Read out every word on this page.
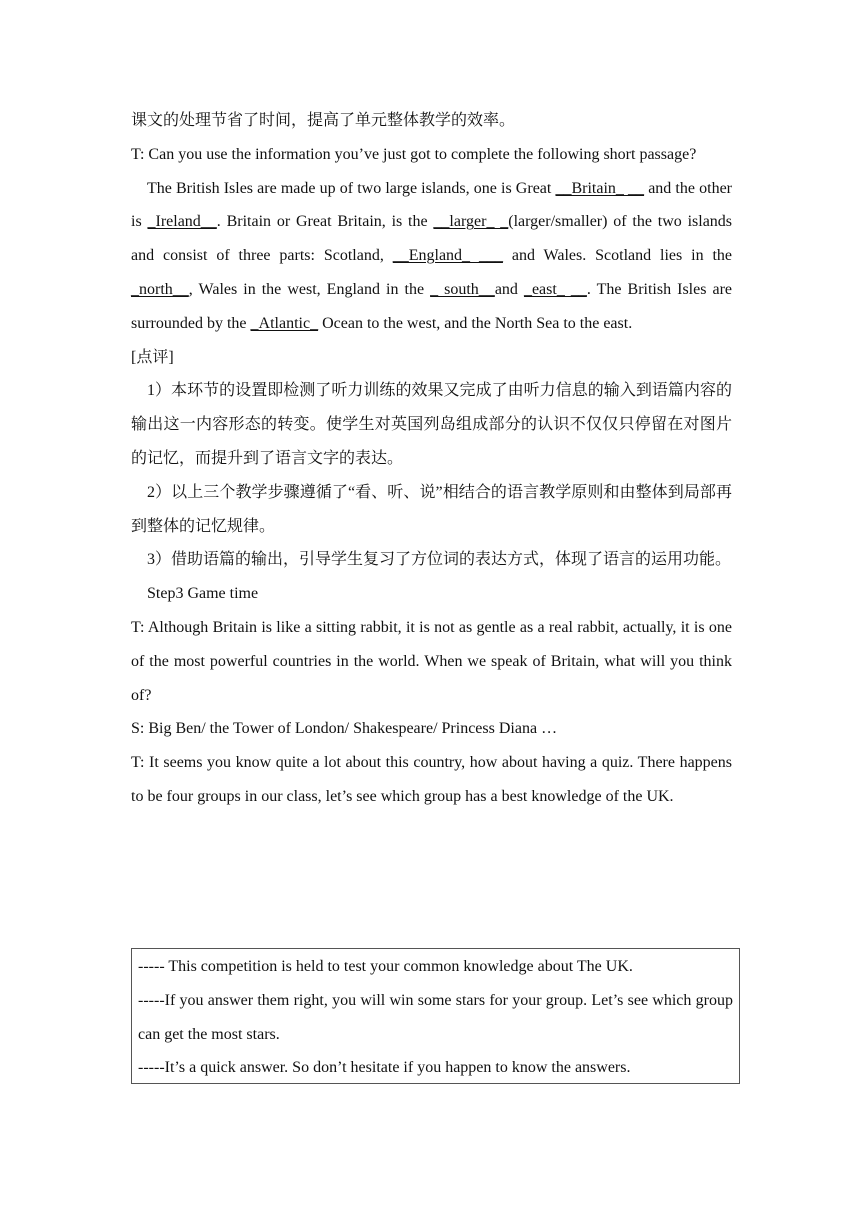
课文的处理节省了时间，提高了单元整体教学的效率。

T: Can you use the information you’ve just got to complete the following short passage?

The British Isles are made up of two large islands, one is Great __Britain_ __ and the other is _Ireland__. Britain or Great Britain, is the __larger_ _(larger/smaller) of the two islands and consist of three parts: Scotland, __England_ ___ and Wales. Scotland lies in the _north__, Wales in the west, England in the _ south__and _east_ __. The British Isles are surrounded by the _Atlantic_ Ocean to the west, and the North Sea to the east.

[点评]

1）本环节的设置即检测了听力训练的效果又完成了由听力信息的输入到语篇内容的输出这一内容形态的转变。使学生对英国列岛组成部分的认识不仅仅只停留在对图片的记忆，而提升到了语言文字的表达。

2）以上三个教学步骤遵循了“看、听、说”相结合的语言教学原则和由整体到局部再到整体的记忆规律。

3）借助语篇的输出，引导学生复习了方位词的表达方式，体现了语言的运用功能。

Step3 Game time

T: Although Britain is like a sitting rabbit, it is not as gentle as a real rabbit, actually, it is one of the most powerful countries in the world. When we speak of Britain, what will you think of?

S: Big Ben/ the Tower of London/ Shakespeare/ Princess Diana …

T: It seems you know quite a lot about this country, how about having a quiz. There happens to be four groups in our class, let’s see which group has a best knowledge of the UK.

----- This competition is held to test your common knowledge about The UK.

-----If you answer them right, you will win some stars for your group. Let’s see which group can get the most stars.

-----It’s a quick answer. So don’t hesitate if you happen to know the answers.
